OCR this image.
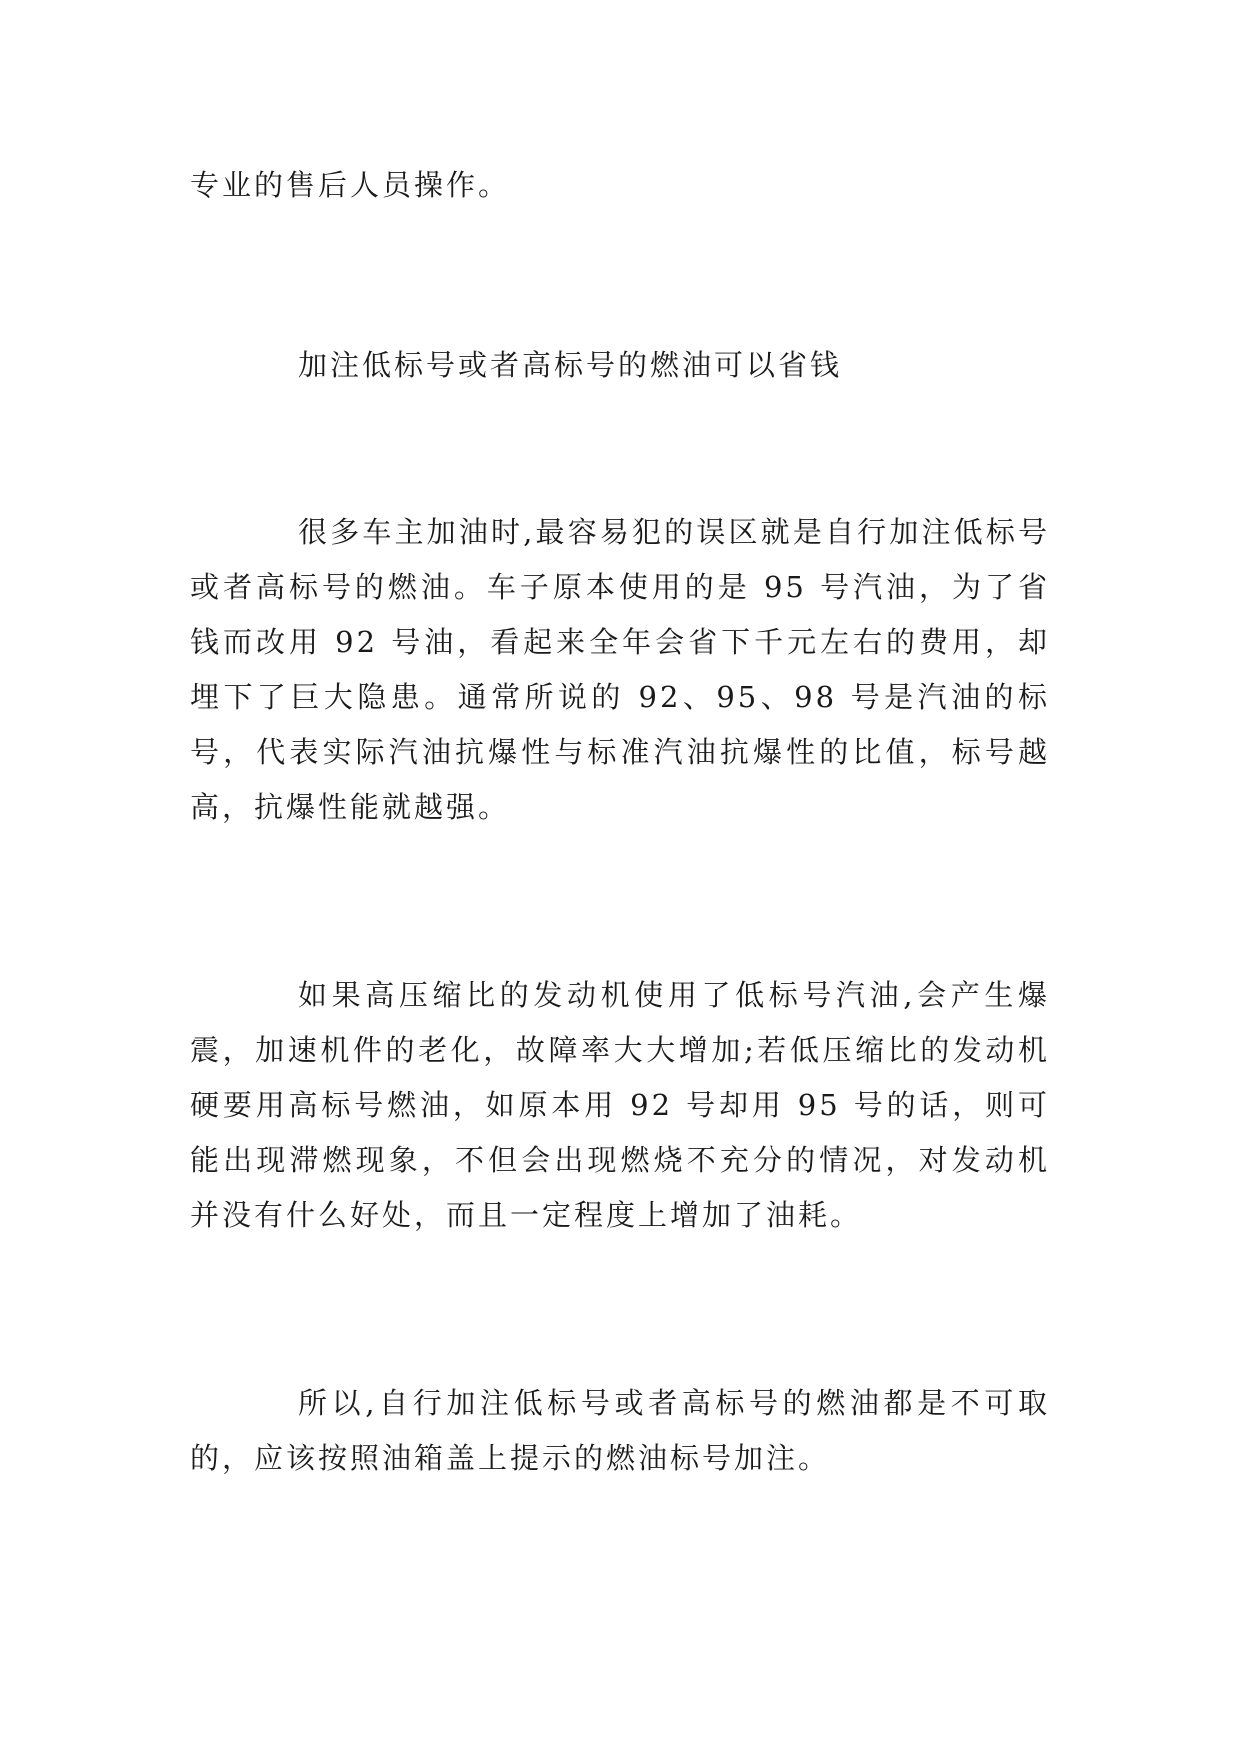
专业的售后人员操作。

加注低标号或者高标号的燃油可以省钱

很多车主加油时,最容易犯的误区就是自行加注低标号或者高标号的燃油。车子原本使用的是 95 号汽油，为了省钱而改用 92 号油，看起来全年会省下千元左右的费用，却埋下了巨大隐患。通常所说的 92、95、98 号是汽油的标号，代表实际汽油抗爆性与标准汽油抗爆性的比值，标号越高，抗爆性能就越强。

如果高压缩比的发动机使用了低标号汽油,会产生爆震，加速机件的老化，故障率大大增加;若低压缩比的发动机硬要用高标号燃油，如原本用 92 号却用 95 号的话，则可能出现滞燃现象，不但会出现燃烧不充分的情况，对发动机并没有什么好处，而且一定程度上增加了油耗。

所以,自行加注低标号或者高标号的燃油都是不可取的，应该按照油箱盖上提示的燃油标号加注。
